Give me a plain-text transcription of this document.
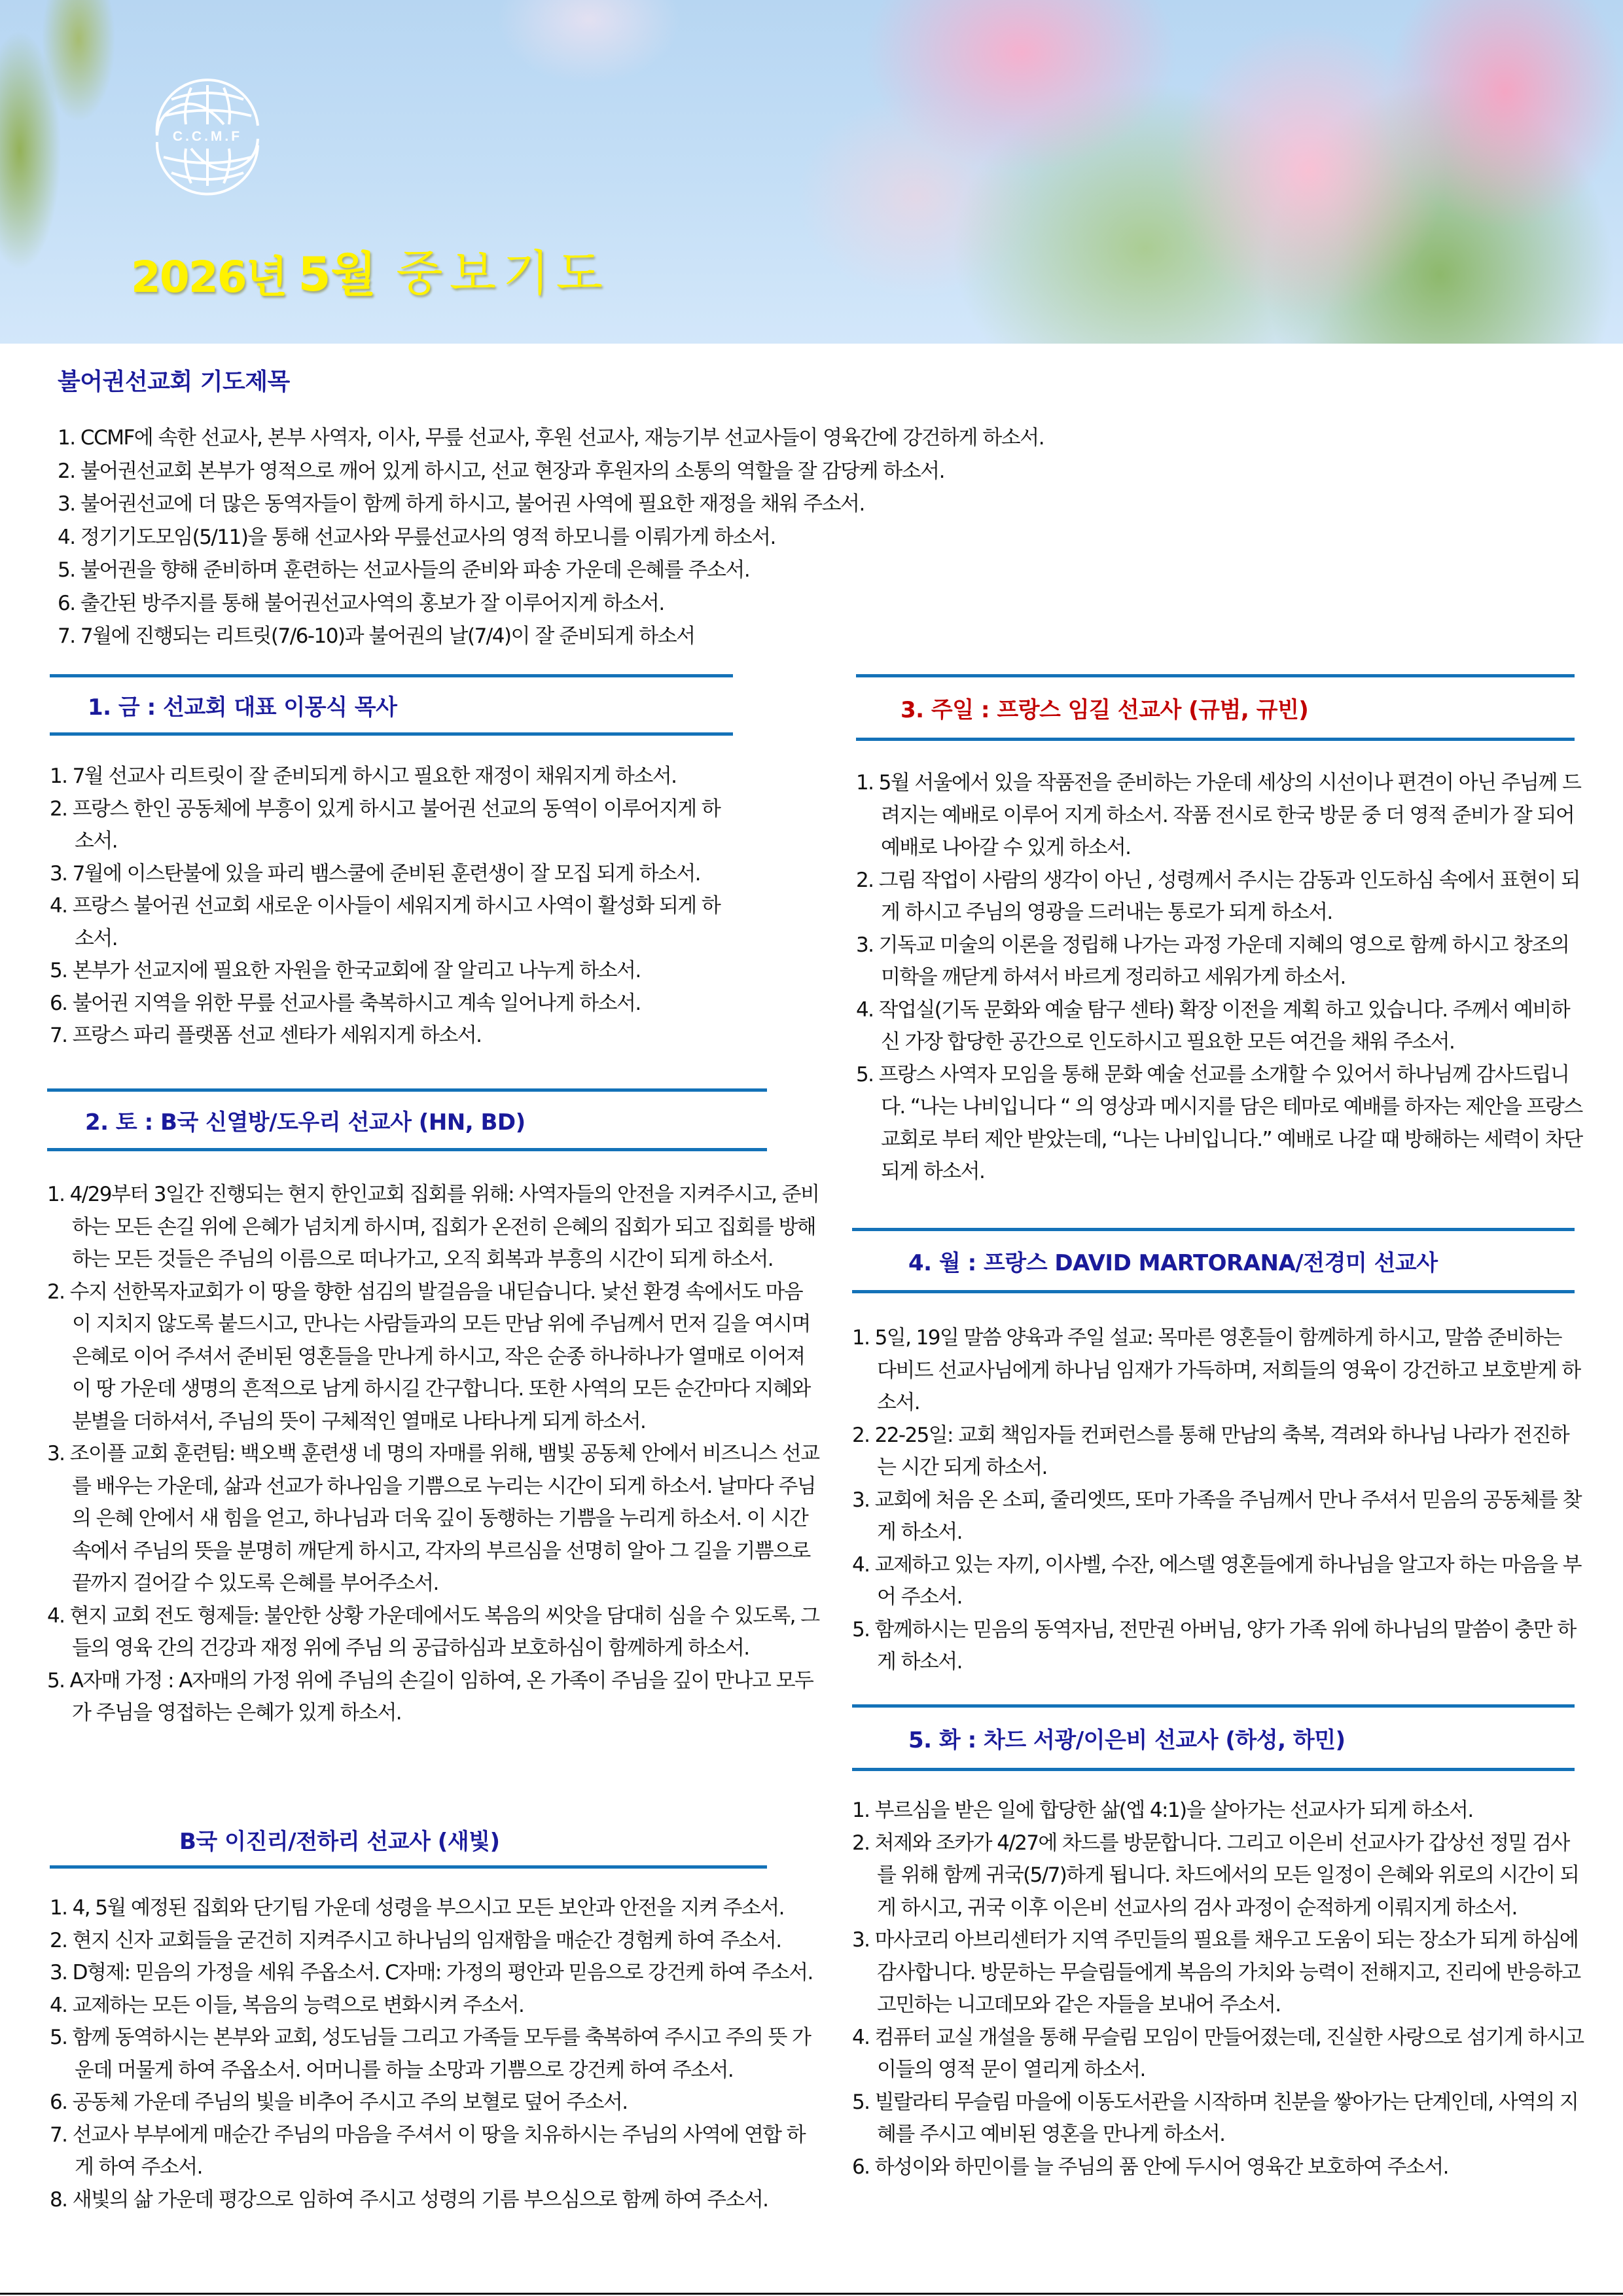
C.C.M.F
2026년 5월 중보기도
불어권선교회 기도제목
1. CCMF에 속한 선교사, 본부 사역자, 이사, 무릎 선교사, 후원 선교사, 재능기부 선교사들이 영육간에 강건하게 하소서.
2. 불어권선교회 본부가 영적으로 깨어 있게 하시고, 선교 현장과 후원자의 소통의 역할을 잘 감당케 하소서.
3. 불어권선교에 더 많은 동역자들이 함께 하게 하시고, 불어권 사역에 필요한 재정을 채워 주소서.
4. 정기기도모임(5/11)을 통해 선교사와 무릎선교사의 영적 하모니를 이뤄가게 하소서.
5. 불어권을 향해 준비하며 훈련하는 선교사들의 준비와 파송 가운데 은혜를 주소서.
6. 출간된 방주지를 통해 불어권선교사역의 홍보가 잘 이루어지게 하소서.
7. 7월에 진행되는 리트릿(7/6-10)과 불어권의 날(7/4)이 잘 준비되게 하소서
1. 금 : 선교회 대표 이몽식 목사
1. 7월 선교사 리트릿이 잘 준비되게 하시고 필요한 재정이 채워지게 하소서.
2. 프랑스 한인 공동체에 부흥이 있게 하시고 불어권 선교의 동역이 이루어지게 하소서.
3. 7월에 이스탄불에 있을 파리 뱀스쿨에 준비된 훈련생이 잘 모집 되게 하소서.
4. 프랑스 불어권 선교회 새로운 이사들이 세워지게 하시고 사역이 활성화 되게 하소서.
5. 본부가 선교지에 필요한 자원을 한국교회에 잘 알리고 나누게 하소서.
6. 불어권 지역을 위한 무릎 선교사를 축복하시고 계속 일어나게 하소서.
7. 프랑스 파리 플랫폼 선교 센타가 세워지게 하소서.
2. 토 : B국 신열방/도우리 선교사 (HN, BD)
1. 4/29부터 3일간 진행되는 현지 한인교회 집회를 위해: 사역자들의 안전을 지켜주시고, 준비하는 모든 손길 위에 은혜가 넘치게 하시며, 집회가 온전히 은혜의 집회가 되고 집회를 방해하는 모든 것들은 주님의 이름으로 떠나가고, 오직 회복과 부흥의 시간이 되게 하소서.
2. 수지 선한목자교회가 이 땅을 향한 섬김의 발걸음을 내딛습니다. 낯선 환경 속에서도 마음이 지치지 않도록 붙드시고, 만나는 사람들과의 모든 만남 위에 주님께서 먼저 길을 여시며 은혜로 이어 주셔서 준비된 영혼들을 만나게 하시고, 작은 순종 하나하나가 열매로 이어져 이 땅 가운데 생명의 흔적으로 남게 하시길 간구합니다. 또한 사역의 모든 순간마다 지혜와 분별을 더하셔서, 주님의 뜻이 구체적인 열매로 나타나게 되게 하소서.
3. 조이플 교회 훈련팀: 백오백 훈련생 네 명의 자매를 위해, 뱀빛 공동체 안에서 비즈니스 선교를 배우는 가운데, 삶과 선교가 하나임을 기쁨으로 누리는 시간이 되게 하소서. 날마다 주님의 은혜 안에서 새 힘을 얻고, 하나님과 더욱 깊이 동행하는 기쁨을 누리게 하소서. 이 시간 속에서 주님의 뜻을 분명히 깨닫게 하시고, 각자의 부르심을 선명히 알아 그 길을 기쁨으로 끝까지 걸어갈 수 있도록 은혜를 부어주소서.
4. 현지 교회 전도 형제들: 불안한 상황 가운데에서도 복음의 씨앗을 담대히 심을 수 있도록, 그들의 영육 간의 건강과 재정 위에 주님 의 공급하심과 보호하심이 함께하게 하소서.
5. A자매 가정 : A자매의 가정 위에 주님의 손길이 임하여, 온 가족이 주님을 깊이 만나고 모두가 주님을 영접하는 은혜가 있게 하소서.
B국 이진리/전하리 선교사 (새빛)
1. 4, 5월 예정된 집회와 단기팀 가운데 성령을 부으시고 모든 보안과 안전을 지켜 주소서.
2. 현지 신자 교회들을 굳건히 지켜주시고 하나님의 임재함을 매순간 경험케 하여 주소서.
3. D형제: 믿음의 가정을 세워 주옵소서. C자매: 가정의 평안과 믿음으로 강건케 하여 주소서.
4. 교제하는 모든 이들, 복음의 능력으로 변화시켜 주소서.
5. 함께 동역하시는 본부와 교회, 성도님들 그리고 가족들 모두를 축복하여 주시고 주의 뜻 가운데 머물게 하여 주옵소서. 어머니를 하늘 소망과 기쁨으로 강건케 하여 주소서.
6. 공동체 가운데 주님의 빛을 비추어 주시고 주의 보혈로 덮어 주소서.
7. 선교사 부부에게 매순간 주님의 마음을 주셔서 이 땅을 치유하시는 주님의 사역에 연합 하게 하여 주소서.
8. 새빛의 삶 가운데 평강으로 임하여 주시고 성령의 기름 부으심으로 함께 하여 주소서.
3. 주일 : 프랑스 임길 선교사 (규범, 규빈)
1. 5월 서울에서 있을 작품전을 준비하는 가운데 세상의 시선이나 편견이 아닌 주님께 드려지는 예배로 이루어 지게 하소서. 작품 전시로 한국 방문 중 더 영적 준비가 잘 되어 예배로 나아갈 수 있게 하소서.
2. 그림 작업이 사람의 생각이 아닌 , 성령께서 주시는 감동과 인도하심 속에서 표현이 되게 하시고 주님의 영광을 드러내는 통로가 되게 하소서.
3. 기독교 미술의 이론을 정립해 나가는 과정 가운데 지혜의 영으로 함께 하시고 창조의 미학을 깨닫게 하셔서 바르게 정리하고 세워가게 하소서.
4. 작업실(기독 문화와 예술 탐구 센타) 확장 이전을 계획 하고 있습니다. 주께서 예비하신 가장 합당한 공간으로 인도하시고 필요한 모든 여건을 채워 주소서.
5. 프랑스 사역자 모임을 통해 문화 예술 선교를 소개할 수 있어서 하나님께 감사드립니다. “나는 나비입니다 “ 의 영상과 메시지를 담은 테마로 예배를 하자는 제안을 프랑스 교회로 부터 제안 받았는데, “나는 나비입니다.” 예배로 나갈 때 방해하는 세력이 차단되게 하소서.
4. 월 : 프랑스 DAVID MARTORANA/전경미 선교사
1. 5일, 19일 말씀 양육과 주일 설교: 목마른 영혼들이 함께하게 하시고, 말씀 준비하는 다비드 선교사님에게 하나님 임재가 가득하며, 저희들의 영육이 강건하고 보호받게 하소서.
2. 22-25일: 교회 책임자들 컨퍼런스를 통해 만남의 축복, 격려와 하나님 나라가 전진하는 시간 되게 하소서.
3. 교회에 처음 온 소피, 줄리엣뜨, 또마 가족을 주님께서 만나 주셔서 믿음의 공동체를 찾게 하소서.
4. 교제하고 있는 자끼, 이사벨, 수잔, 에스델 영혼들에게 하나님을 알고자 하는 마음을 부어 주소서.
5. 함께하시는 믿음의 동역자님, 전만권 아버님, 양가 가족 위에 하나님의 말씀이 충만 하게 하소서.
5. 화 : 차드 서광/이은비 선교사 (하성, 하민)
1. 부르심을 받은 일에 합당한 삶(엡 4:1)을 살아가는 선교사가 되게 하소서.
2. 처제와 조카가 4/27에 차드를 방문합니다. 그리고 이은비 선교사가 갑상선 정밀 검사를 위해 함께 귀국(5/7)하게 됩니다. 차드에서의 모든 일정이 은혜와 위로의 시간이 되게 하시고, 귀국 이후 이은비 선교사의 검사 과정이 순적하게 이뤄지게 하소서.
3. 마사코리 아브리센터가 지역 주민들의 필요를 채우고 도움이 되는 장소가 되게 하심에 감사합니다. 방문하는 무슬림들에게 복음의 가치와 능력이 전해지고, 진리에 반응하고 고민하는 니고데모와 같은 자들을 보내어 주소서.
4. 컴퓨터 교실 개설을 통해 무슬림 모임이 만들어졌는데, 진실한 사랑으로 섬기게 하시고 이들의 영적 문이 열리게 하소서.
5. 빌랄라티 무슬림 마을에 이동도서관을 시작하며 친분을 쌓아가는 단계인데, 사역의 지혜를 주시고 예비된 영혼을 만나게 하소서.
6. 하성이와 하민이를 늘 주님의 품 안에 두시어 영육간 보호하여 주소서.
